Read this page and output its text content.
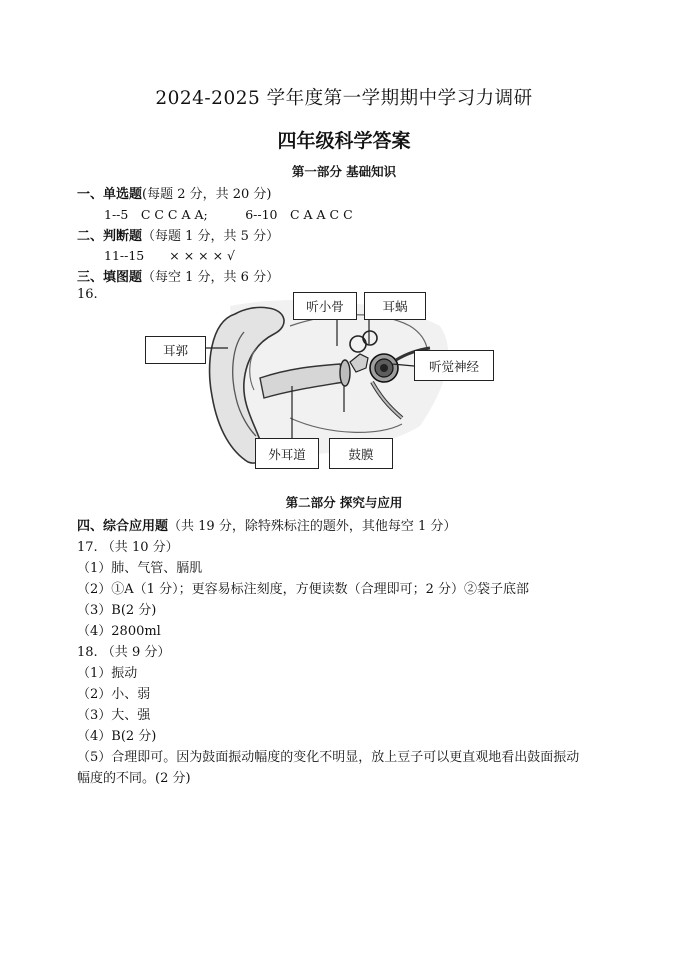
2024-2025 学年度第一学期期中学习力调研
四年级科学答案
第一部分 基础知识
一、单选题(每题 2 分，共 20 分)
1--5　C C C A A;　　　6--10　C A A C C
二、判断题（每题 1 分，共 5 分）
11--15　　× × × × √
三、填图题（每空 1 分，共 6 分）
16.
耳郭
听小骨	耳蜗
听觉神经
外耳道	鼓膜
第二部分 探究与应用
四、综合应用题（共 19 分，除特殊标注的题外，其他每空 1 分）
17. （共 10 分）
（1）肺、气管、膈肌
（2）①A（1 分）；更容易标注刻度，方便读数（合理即可；2 分）②袋子底部
（3）B(2 分)
（4）2800ml
18. （共 9 分）
（1）振动
（2）小、弱
（3）大、强
（4）B(2 分)
（5）合理即可。因为鼓面振动幅度的变化不明显，放上豆子可以更直观地看出鼓面振动
幅度的不同。(2 分)
